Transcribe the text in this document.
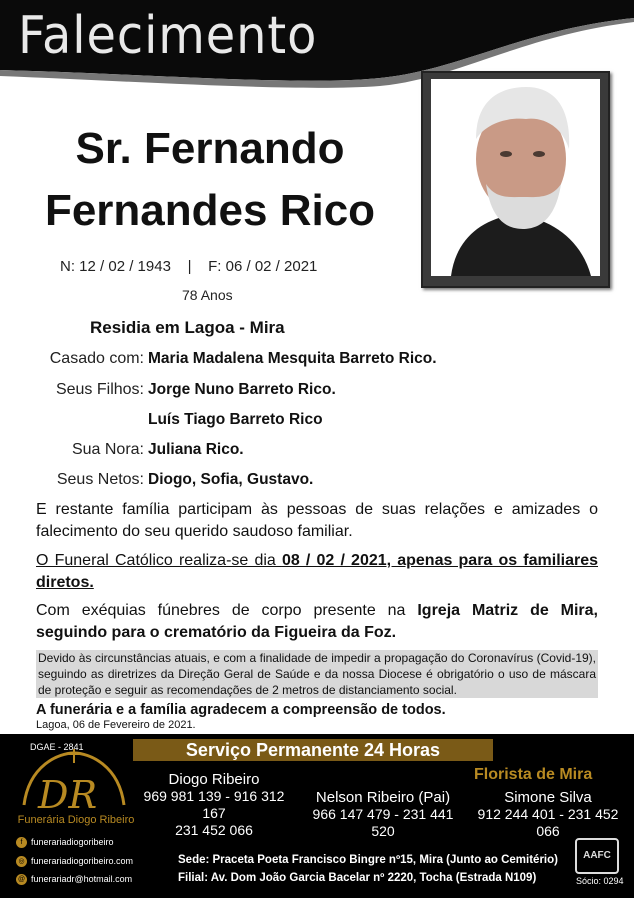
Falecimento
Sr. Fernando
Fernandes Rico
N: 12 / 02 / 1943    |    F: 06 / 02 / 2021
78 Anos
Residia em Lagoa - Mira
Casado com: Maria Madalena Mesquita Barreto Rico.
Seus Filhos: Jorge Nuno Barreto Rico.
Luís Tiago Barreto Rico
Sua Nora: Juliana Rico.
Seus Netos: Diogo, Sofia, Gustavo.
E restante família participam às pessoas de suas relações e amizades o falecimento do seu querido saudoso familiar.
O Funeral Católico realiza-se dia 08 / 02 / 2021, apenas para os familiares diretos.
Com exéquias fúnebres de corpo presente na Igreja Matriz de Mira, seguindo para o crematório da Figueira da Foz.
Devido às circunstâncias atuais, e com a finalidade de impedir a propagação do Coronavírus (Covid-19), seguindo as diretrizes da Direção Geral de Saúde e da nossa Diocese é obrigatório o uso de máscara de proteção e seguir as recomendações de 2 metros de distanciamento social.
A funerária e a família agradecem a compreensão de todos.
Lagoa, 06 de Fevereiro de 2021.
Serviço Permanente 24 Horas
DGAE - 2841
DR
Funerária Diogo Ribeiro
f funerariadiogoribeiro
◎ funerariadiogoribeiro.com
@ funerariadr@hotmail.com
Diogo Ribeiro
969 981 139 - 916 312 167
231 452 066
Nelson Ribeiro (Pai)
966 147 479 - 231 441 520
Florista de Mira
Simone Silva
912 244 401 - 231 452 066
Sede: Praceta Poeta Francisco Bingre nº15, Mira (Junto ao Cemitério)
Filial: Av. Dom João Garcia Bacelar nº 2220, Tocha (Estrada N109)
AAFC
Sócio: 0294
